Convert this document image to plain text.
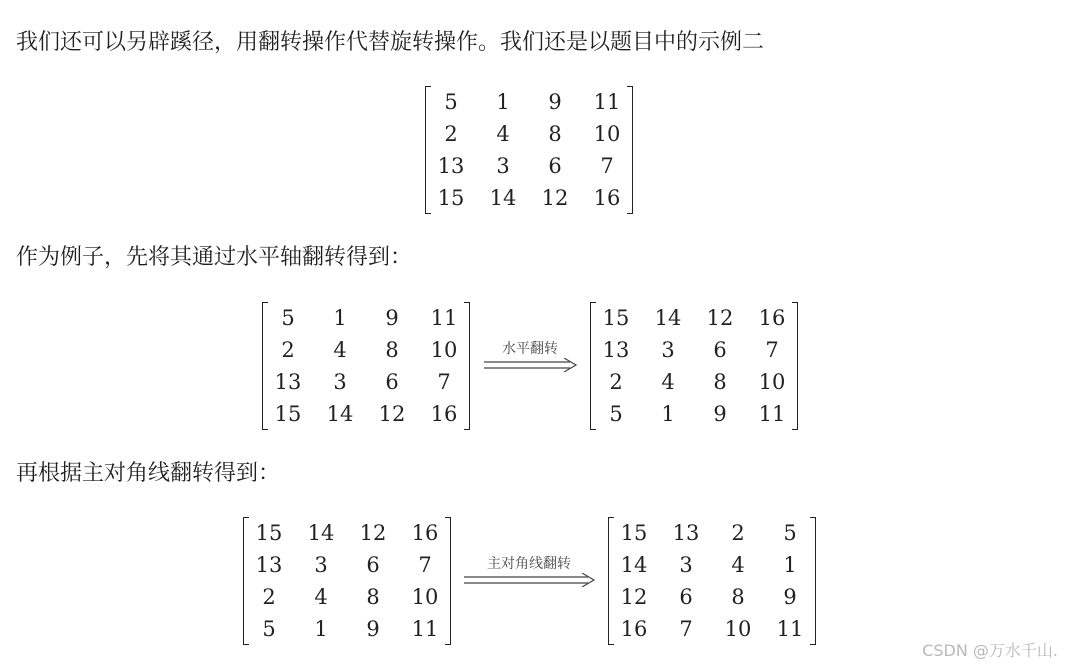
我们还可以另辟蹊径，用翻转操作代替旋转操作。我们还是以题目中的示例二
5	1	9	11
2	4	8	10
13	3	6	7
15 14 12 16
作为例子，先将其通过水平轴翻转得到：
5	1	9	11
2	4	8	10
13	3	6	7
15 14 12 16
水平翻转
15 14 12 16
13	3	6	7
2	4	8	10
5	1	9	11
再根据主对角线翻转得到：
15 14 12 16
13	3	6	7
2	4	8	10
5	1	9	11
主对角线翻转
15 13	2	5
14	3	4	1
12	6	8	9
16	7	10 11
CSDN @万水千山.
